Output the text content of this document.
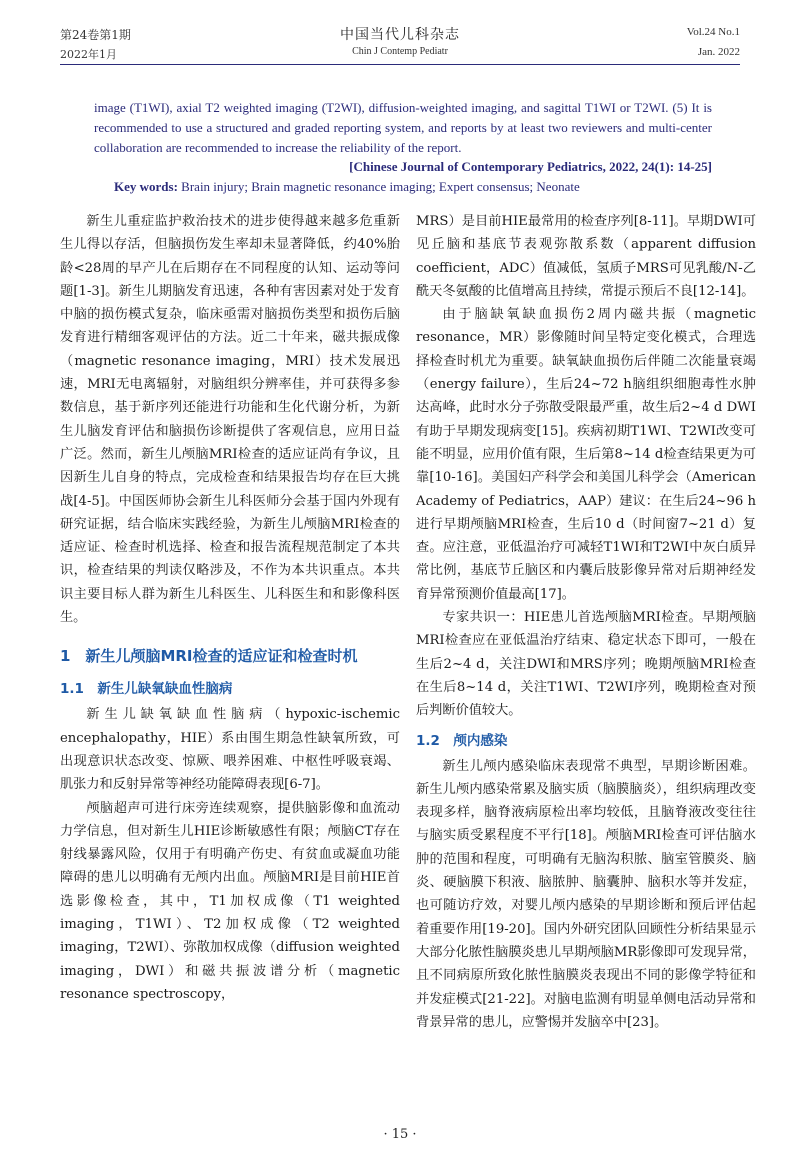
第24卷第1期
2022年1月
中国当代儿科杂志
Chin J Contemp Pediatr
Vol.24 No.1
Jan. 2022
image (T1WI), axial T2 weighted imaging (T2WI), diffusion-weighted imaging, and sagittal T1WI or T2WI. (5) It is recommended to use a structured and graded reporting system, and reports by at least two reviewers and multi-center collaboration are recommended to increase the reliability of the report.
[Chinese Journal of Contemporary Pediatrics, 2022, 24(1): 14-25]
Key words: Brain injury; Brain magnetic resonance imaging; Expert consensus; Neonate

新生儿重症监护救治技术的进步使得越来越多危重新生儿得以存活，但脑损伤发生率却未显著降低，约40%胎龄<28周的早产儿在后期存在不同程度的认知、运动等问题[1-3]。新生儿期脑发育迅速，各种有害因素对处于发育中脑的损伤模式复杂，临床亟需对脑损伤类型和损伤后脑发育进行精细客观评估的方法。近二十年来，磁共振成像（magnetic resonance imaging，MRI）技术发展迅速，MRI无电离辐射，对脑组织分辨率佳，并可获得多参数信息，基于新序列还能进行功能和生化代谢分析，为新生儿脑发育评估和脑损伤诊断提供了客观信息，应用日益广泛。然而，新生儿颅脑MRI检查的适应证尚有争议，且因新生儿自身的特点，完成检查和结果报告均存在巨大挑战[4-5]。中国医师协会新生儿科医师分会基于国内外现有研究证据，结合临床实践经验，为新生儿颅脑MRI检查的适应证、检查时机选择、检查和报告流程规范制定了本共识，检查结果的判读仅略涉及，不作为本共识重点。本共识主要目标人群为新生儿科医生、儿科医生和和影像科医生。

1　新生儿颅脑MRI检查的适应证和检查时机
1.1　新生儿缺氧缺血性脑病

新生儿缺氧缺血性脑病（hypoxic-ischemic encephalopathy，HIE）系由围生期急性缺氧所致，可出现意识状态改变、惊厥、喂养困难、中枢性呼吸衰竭、肌张力和反射异常等神经功能障碍表现[6-7]。

颅脑超声可进行床旁连续观察，提供脑影像和血流动力学信息，但对新生儿HIE诊断敏感性有限；颅脑CT存在射线暴露风险，仅用于有明确产伤史、有贫血或凝血功能障碍的患儿以明确有无颅内出血。颅脑MRI是目前HIE首选影像检查，其中，T1加权成像（T1 weighted imaging，T1WI）、T2加权成像（T2 weighted imaging，T2WI）、弥散加权成像（diffusion weighted imaging，DWI）和磁共振波谱分析（magnetic resonance spectroscopy，

MRS）是目前HIE最常用的检查序列[8-11]。早期DWI可见丘脑和基底节表观弥散系数（apparent diffusion coefficient，ADC）值减低，氢质子MRS可见乳酸/N-乙酰天冬氨酸的比值增高且持续，常提示预后不良[12-14]。

由于脑缺氧缺血损伤2周内磁共振（magnetic resonance，MR）影像随时间呈特定变化模式，合理选择检查时机尤为重要。缺氧缺血损伤后伴随二次能量衰竭（energy failure），生后24~72 h脑组织细胞毒性水肿达高峰，此时水分子弥散受限最严重，故生后2~4 d DWI有助于早期发现病变[15]。疾病初期T1WI、T2WI改变可能不明显，应用价值有限，生后第8~14 d检查结果更为可靠[10-16]。美国妇产科学会和美国儿科学会（American Academy of Pediatrics，AAP）建议：在生后24~96 h进行早期颅脑MRI检查，生后10 d（时间窗7~21 d）复查。应注意，亚低温治疗可减轻T1WI和T2WI中灰白质异常比例，基底节丘脑区和内囊后肢影像异常对后期神经发育异常预测价值最高[17]。

专家共识一：HIE患儿首选颅脑MRI检查。早期颅脑MRI检查应在亚低温治疗结束、稳定状态下即可，一般在生后2~4 d，关注DWI和MRS序列；晚期颅脑MRI检查在生后8~14 d，关注T1WI、T2WI序列，晚期检查对预后判断价值较大。

1.2　颅内感染

新生儿颅内感染临床表现常不典型，早期诊断困难。新生儿颅内感染常累及脑实质（脑膜脑炎），组织病理改变表现多样，脑脊液病原检出率均较低，且脑脊液改变往往与脑实质受累程度不平行[18]。颅脑MRI检查可评估脑水肿的范围和程度，可明确有无脑沟积脓、脑室管膜炎、脑炎、硬脑膜下积液、脑脓肿、脑囊肿、脑积水等并发症，也可随访疗效，对婴儿颅内感染的早期诊断和预后评估起着重要作用[19-20]。国内外研究团队回顾性分析结果显示大部分化脓性脑膜炎患儿早期颅脑MR影像即可发现异常，且不同病原所致化脓性脑膜炎表现出不同的影像学特征和并发症模式[21-22]。对脑电监测有明显单侧电活动异常和背景异常的患儿，应警惕并发脑卒中[23]。

· 15 ·
